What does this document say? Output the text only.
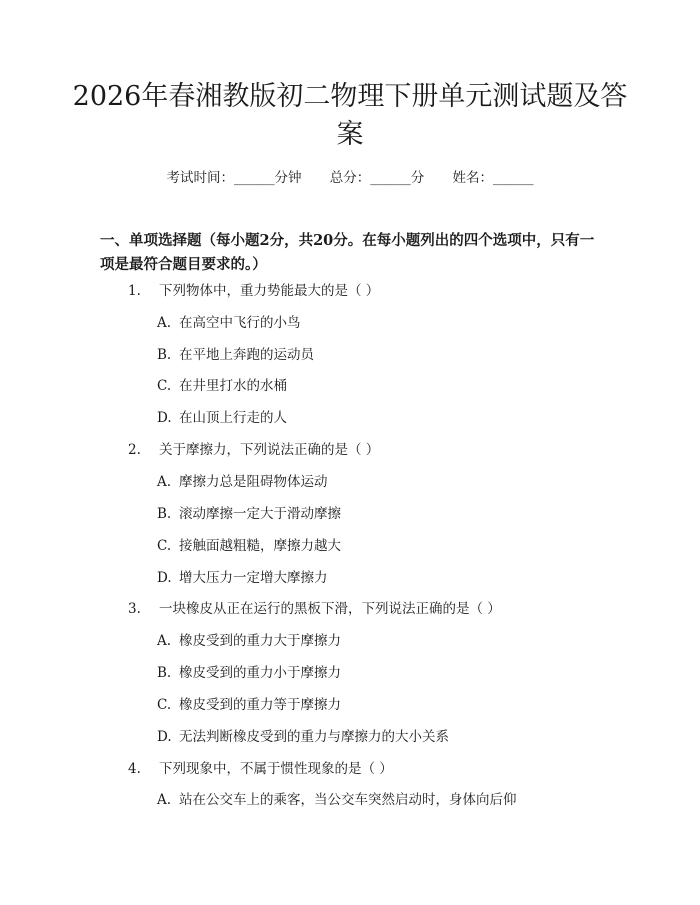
2026年春湘教版初二物理下册单元测试题及答案
考试时间：______分钟 总分：______分 姓名：______

一、单项选择题（每小题2分，共20分。在每小题列出的四个选项中，只有一项是最符合题目要求的。）

1. 下列物体中，重力势能最大的是（ ）
A. 在高空中飞行的小鸟
B. 在平地上奔跑的运动员
C. 在井里打水的水桶
D. 在山顶上行走的人
2. 关于摩擦力，下列说法正确的是（ ）
A. 摩擦力总是阻碍物体运动
B. 滚动摩擦一定大于滑动摩擦
C. 接触面越粗糙，摩擦力越大
D. 增大压力一定增大摩擦力
3. 一块橡皮从正在运行的黑板下滑，下列说法正确的是（ ）
A. 橡皮受到的重力大于摩擦力
B. 橡皮受到的重力小于摩擦力
C. 橡皮受到的重力等于摩擦力
D. 无法判断橡皮受到的重力与摩擦力的大小关系
4. 下列现象中，不属于惯性现象的是（ ）
A. 站在公交车上的乘客，当公交车突然启动时，身体向后仰
